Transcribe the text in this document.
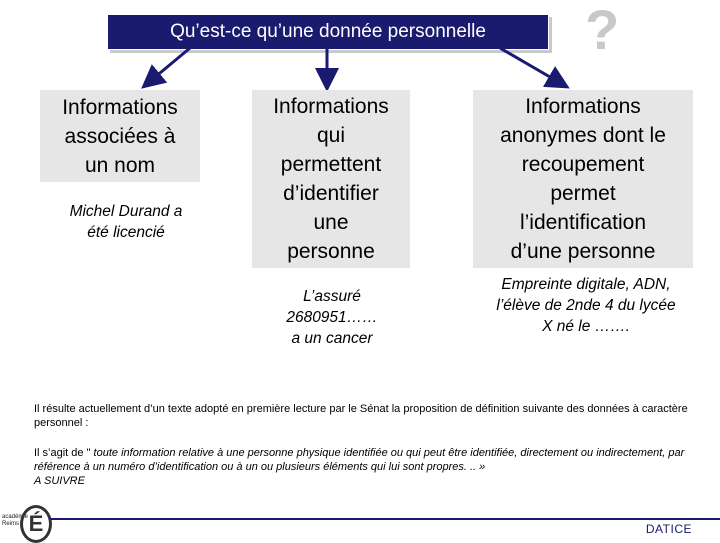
Qu’est-ce qu’une donnée personnelle ?
Informations
associées à
un nom
Informations
qui
permettent
d’identifier
une
personne
Informations
anonymes dont le
recoupement
permet
l’identification
d’une personne
Michel Durand a
été licencié
L’assuré
2680951……
a un cancer
Empreinte digitale, ADN,
l’élève de 2nde 4 du lycée
X né le …….
Il résulte actuellement d’un texte adopté en première lecture par le Sénat la proposition de définition suivante des données à caractère personnel :
Il s’agit de " toute information relative à une personne physique identifiée ou qui peut être identifiée, directement ou indirectement, par référence à un numéro d’identification ou à un ou plusieurs éléments qui lui sont propres. .. »
A SUIVRE
académie
Reims É	DATICE
